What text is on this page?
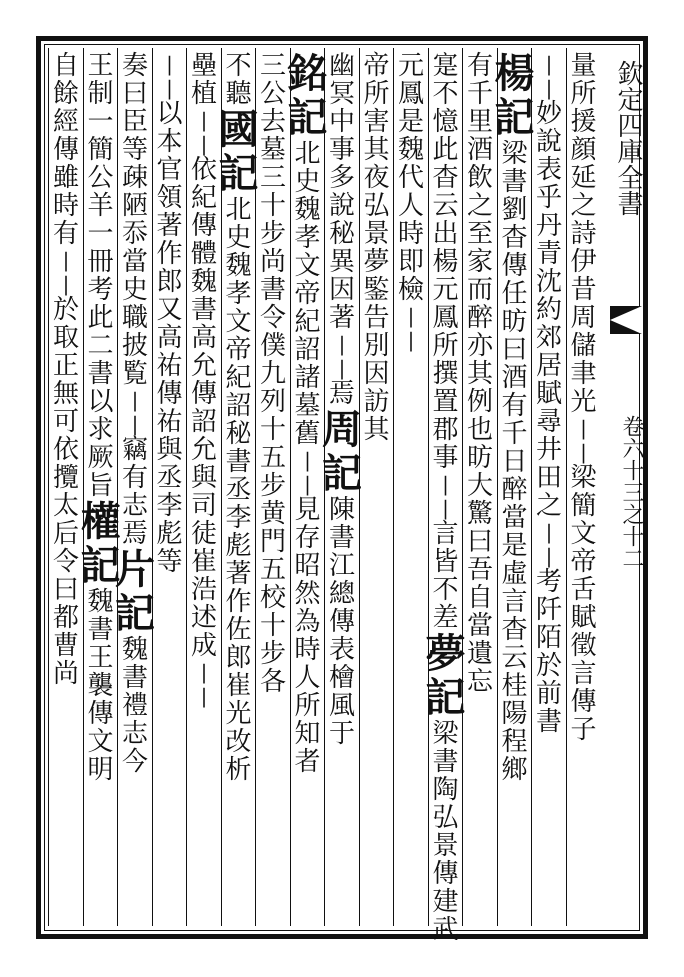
欽定四庫全書
卷六十三之十二
量
所
援
顔
延
之
詩
伊
昔
周
儲
聿
光
|
|
梁
簡
文
帝
舌
賦
徵
言
傳
子
|
|
妙
說
表
乎
丹
青
沈
約
郊
居
賦
尋
井
田
之
|
|
考
阡
陌
於
前
書
楊
記
梁
書
劉
杳
傳
任
昉
曰
酒
有
千
日
醉
當
是
虛
言
杳
云
桂
陽
程
鄉
有
千
里
酒
飲
之
至
家
而
醉
亦
其
例
也
昉
大
驚
曰
吾
自
當
遺
忘
寔
不
憶
此
杳
云
出
楊
元
鳳
所
撰
置
郡
事
|
|
言
皆
不
差
夢
記
梁
書
陶
弘
景
傳
建
武
元
鳳
是
魏
代
人
時
即
檢
|
|
帝
所
害
其
夜
弘
景
夢
鍳
告
別
因
訪
其
幽
冥
中
事
多
說
秘
異
因
著
|
|
焉
周
記
陳
書
江
總
傳
表
檜
風
于
銘
記
北
史
魏
孝
文
帝
紀
詔
諸
墓
舊
|
|
見
存
昭
然
為
時
人
所
知
者
三
公
去
墓
三
十
步
尚
書
令
僕
九
列
十
五
步
黄
門
五
校
十
步
各
不
聽
國
記
北
史
魏
孝
文
帝
紀
詔
秘
書
丞
李
彪
著
作
佐
郎
崔
光
改
析
壘
植
|
|
依
紀
傳
體
魏
書
高
允
傳
詔
允
與
司
徒
崔
浩
述
成
|
|
|
|
以
本
官
領
著
作
郎
又
高
祐
傳
祐
與
丞
李
彪
等
奏
曰
臣
等
疎
陋
忝
當
史
職
披
覧
|
|
竊
有
志
焉
片
記
魏
書
禮
志
今
王
制
一
簡
公
羊
一
冊
考
此
二
書
以
求
厥
旨
權
記
魏
書
王
襲
傳
文
明
自
餘
經
傳
雖
時
有
|
|
於
取
正
無
可
依
攬
太
后
令
曰
都
曹
尚
